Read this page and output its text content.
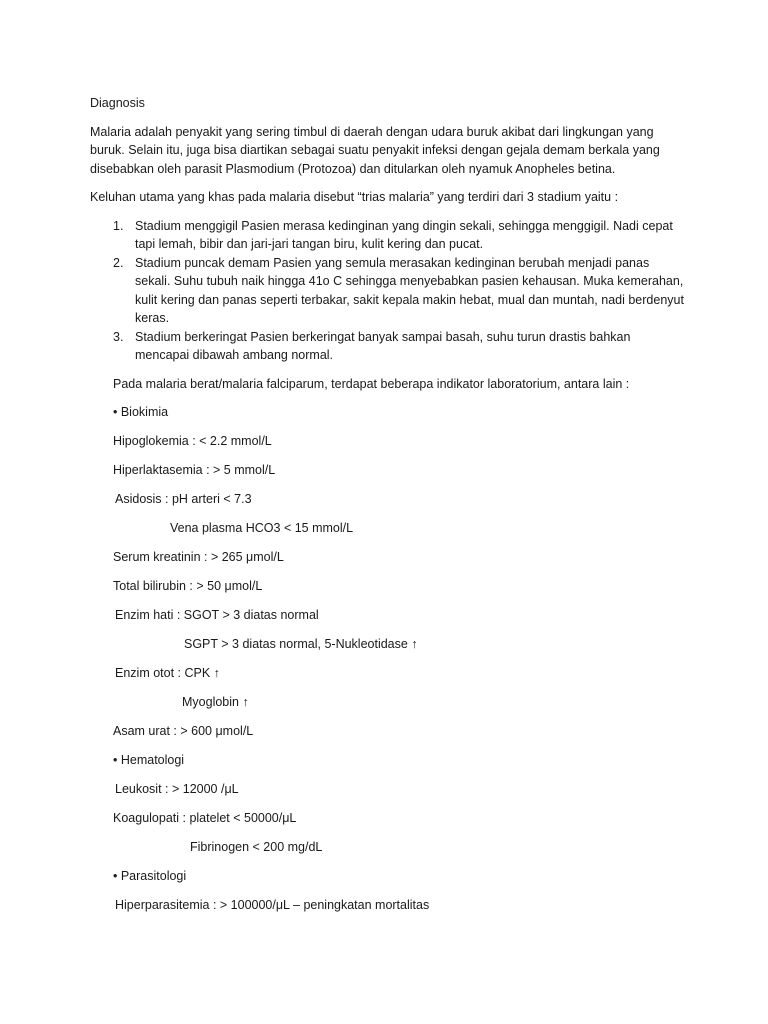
Diagnosis

Malaria adalah penyakit yang sering timbul di daerah dengan udara buruk akibat dari lingkungan yang buruk. Selain itu, juga bisa diartikan sebagai suatu penyakit infeksi dengan gejala demam berkala yang disebabkan oleh parasit Plasmodium (Protozoa) dan ditularkan oleh nyamuk Anopheles betina.

Keluhan utama yang khas pada malaria disebut “trias malaria” yang terdiri dari 3 stadium yaitu :

1. Stadium menggigil Pasien merasa kedinginan yang dingin sekali, sehingga menggigil. Nadi cepat tapi lemah, bibir dan jari-jari tangan biru, kulit kering dan pucat.
2. Stadium puncak demam Pasien yang semula merasakan kedinginan berubah menjadi panas sekali. Suhu tubuh naik hingga 41o C sehingga menyebabkan pasien kehausan. Muka kemerahan, kulit kering dan panas seperti terbakar, sakit kepala makin hebat, mual dan muntah, nadi berdenyut keras.
3. Stadium berkeringat Pasien berkeringat banyak sampai basah, suhu turun drastis bahkan mencapai dibawah ambang normal.

Pada malaria berat/malaria falciparum, terdapat beberapa indikator laboratorium, antara lain :

• Biokimia
Hipoglokemia : < 2.2 mmol/L
Hiperlaktasemia : > 5 mmol/L
Asidosis : pH arteri < 7.3
Vena plasma HCO3 < 15 mmol/L
Serum kreatinin : > 265 μmol/L
Total bilirubin : > 50 μmol/L
Enzim hati : SGOT > 3 diatas normal
SGPT > 3 diatas normal, 5-Nukleotidase ↑
Enzim otot : CPK ↑
Myoglobin ↑
Asam urat : > 600 μmol/L
• Hematologi
Leukosit : > 12000 /μL
Koagulopati : platelet < 50000/μL
Fibrinogen < 200 mg/dL
• Parasitologi
Hiperparasitemia : > 100000/μL – peningkatan mortalitas
